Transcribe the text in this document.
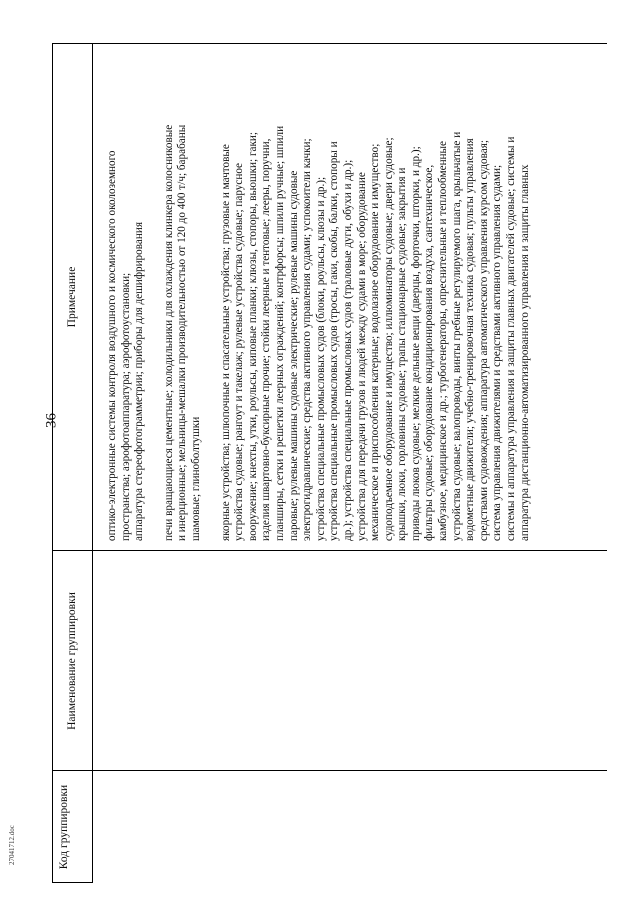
36
27041712.doc	Код группировки
Наименование группировки
Примечание	оптико-электронные системы контроля воздушного и космического околоземного пространства; аэрофотоаппаратура; аэрофотоустановки; аппаратура стереофотограмметрии; приборы для дешифрирования печи вращающиеся цементные; холодильники для охлаждения клинкера колосниковые и инерционные; мельницы-мешалки производительностью от 120 до 400 т/ч; барабаны шамовые; глиноболтушки якорные устройства; шлюпочные и спасательные устройства; грузовые и мачтовые устройства судовые; рангоут и такелаж; рулевые устройства судовые; парусное вооружение; кнехты, утки, роульсы, киповые планки; клюзы, стопоры, вьюшки; гаки; изделия швартовно-буксирные прочие; стойки леерные и тентовые; лееры, поручни, планширы, сетки и решетки леерных ограждений; контрфорсы; шпили ручные; шпили паровые; рулевые машины судовые электрические; рулевые машины судовые электрогидравлические; средства активного управления судами; успокоители качки; устройства специальные промысловых судов (блоки, роульсы, клюзы и др.); устройства специальные промысловых судов (тросы, гаки, скобы, балки, стопоры и др.); устройства специальные промысловых судов (траловые дуги, обухи и др.); устройства для передачи грузов и людей между судами в море; оборудование механическое и приспособления катерные; водолазное оборудование и имущество; судоподъемное оборудование и имущество; иллюминаторы судовые; двери судовые; крышки, люки, горловины судовые; трапы стационарные судовые; закрытия и приводы люков судовые; мелкие дельные вещи (дверцы, форточки, шторки, и др.); фильтры судовые; оборудование кондиционирования воздуха, сантехническое, камбузное, медицинское и др.; турбогенераторы, опреснительные и теплообменные устройства судовые; валопроводы, винты гребные регулируемого шага, крыльчатые и водометные движители; учебно-тренировочная техника судовая; пульты управления средствами судовождения; аппаратура автоматического управления курсом судовая; система управления движителями и средствами активного управления судами; системы и аппаратура управления и защиты главных двигателей судовые; системы и аппаратура дистанционно-автоматизированного управления и защиты главных
